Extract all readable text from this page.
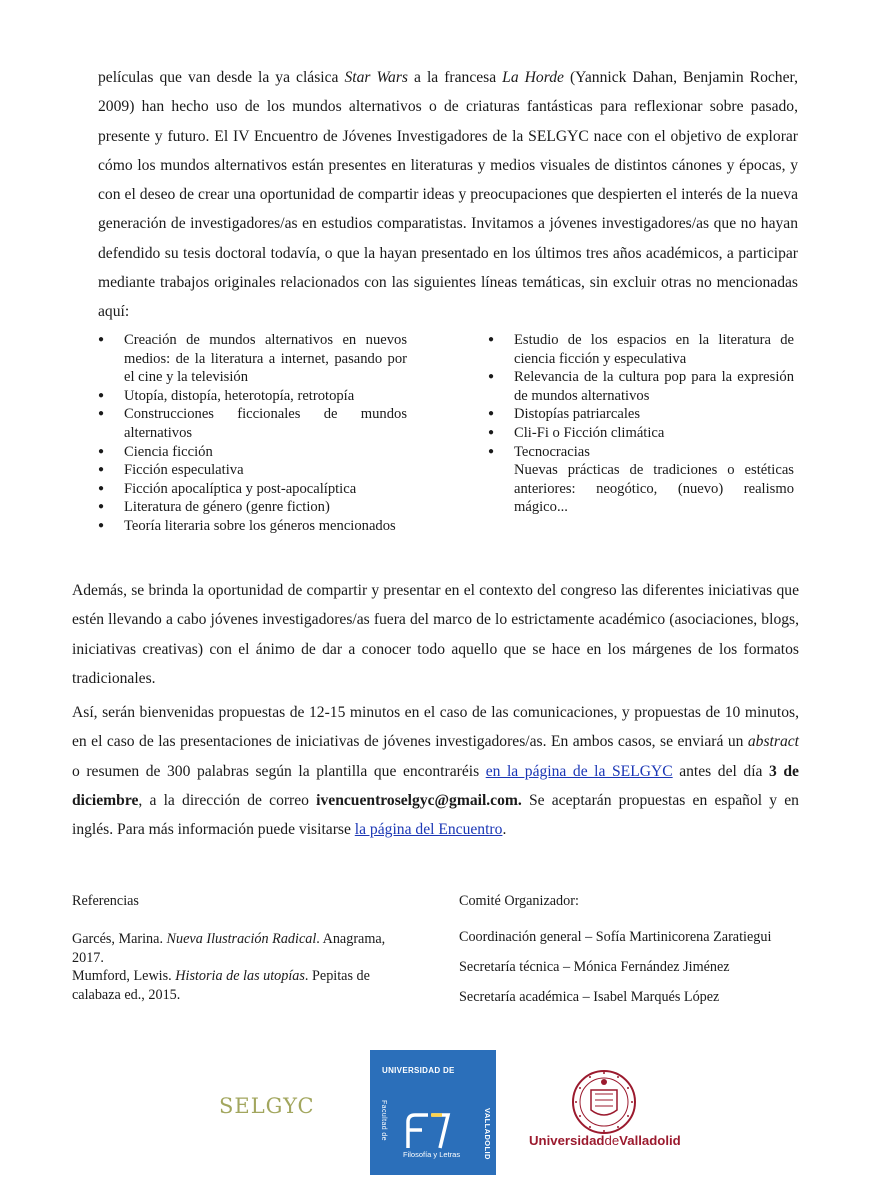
películas que van desde la ya clásica Star Wars a la francesa La Horde (Yannick Dahan, Benjamin Rocher, 2009) han hecho uso de los mundos alternativos o de criaturas fantásticas para reflexionar sobre pasado, presente y futuro. El IV Encuentro de Jóvenes Investigadores de la SELGYC nace con el objetivo de explorar cómo los mundos alternativos están presentes en literaturas y medios visuales de distintos cánones y épocas, y con el deseo de crear una oportunidad de compartir ideas y preocupaciones que despierten el interés de la nueva generación de investigadores/as en estudios comparatistas. Invitamos a jóvenes investigadores/as que no hayan defendido su tesis doctoral todavía, o que la hayan presentado en los últimos tres años académicos, a participar mediante trabajos originales relacionados con las siguientes líneas temáticas, sin excluir otras no mencionadas aquí:

● Creación de mundos alternativos en nuevos medios: de la literatura a internet, pasando por el cine y la televisión
● Utopía, distopía, heterotopía, retrotopía
● Construcciones ficcionales de mundos alternativos
● Ciencia ficción
● Ficción especulativa
● Ficción apocalíptica y post-apocalíptica
● Literatura de género (genre fiction)
● Teoría literaria sobre los géneros mencionados
● Estudio de los espacios en la literatura de ciencia ficción y especulativa
● Relevancia de la cultura pop para la expresión de mundos alternativos
● Distopías patriarcales
● Cli-Fi o Ficción climática
● Tecnocracias
Nuevas prácticas de tradiciones o estéticas anteriores: neogótico, (nuevo) realismo mágico...

Además, se brinda la oportunidad de compartir y presentar en el contexto del congreso las diferentes iniciativas que estén llevando a cabo jóvenes investigadores/as fuera del marco de lo estrictamente académico (asociaciones, blogs, iniciativas creativas) con el ánimo de dar a conocer todo aquello que se hace en los márgenes de los formatos tradicionales.

Así, serán bienvenidas propuestas de 12-15 minutos en el caso de las comunicaciones, y propuestas de 10 minutos, en el caso de las presentaciones de iniciativas de jóvenes investigadores/as. En ambos casos, se enviará un abstract o resumen de 300 palabras según la plantilla que encontraréis en la página de la SELGYC antes del día 3 de diciembre, a la dirección de correo ivencuentroselgyc@gmail.com. Se aceptarán propuestas en español y en inglés. Para más información puede visitarse la página del Encuentro.

Referencias

Garcés, Marina. Nueva Ilustración Radical. Anagrama, 2017.

Mumford, Lewis. Historia de las utopías. Pepitas de calabaza ed., 2015.

Comité Organizador:

Coordinación general – Sofía Martinicorena Zaratiegui

Secretaría técnica – Mónica Fernández Jiménez

Secretaría académica – Isabel Marqués López

SELGYC
UNIVERSIDAD DE
VALLADOLID
Facultad de
Filosofía y Letras
UniversidaddeValladolid
